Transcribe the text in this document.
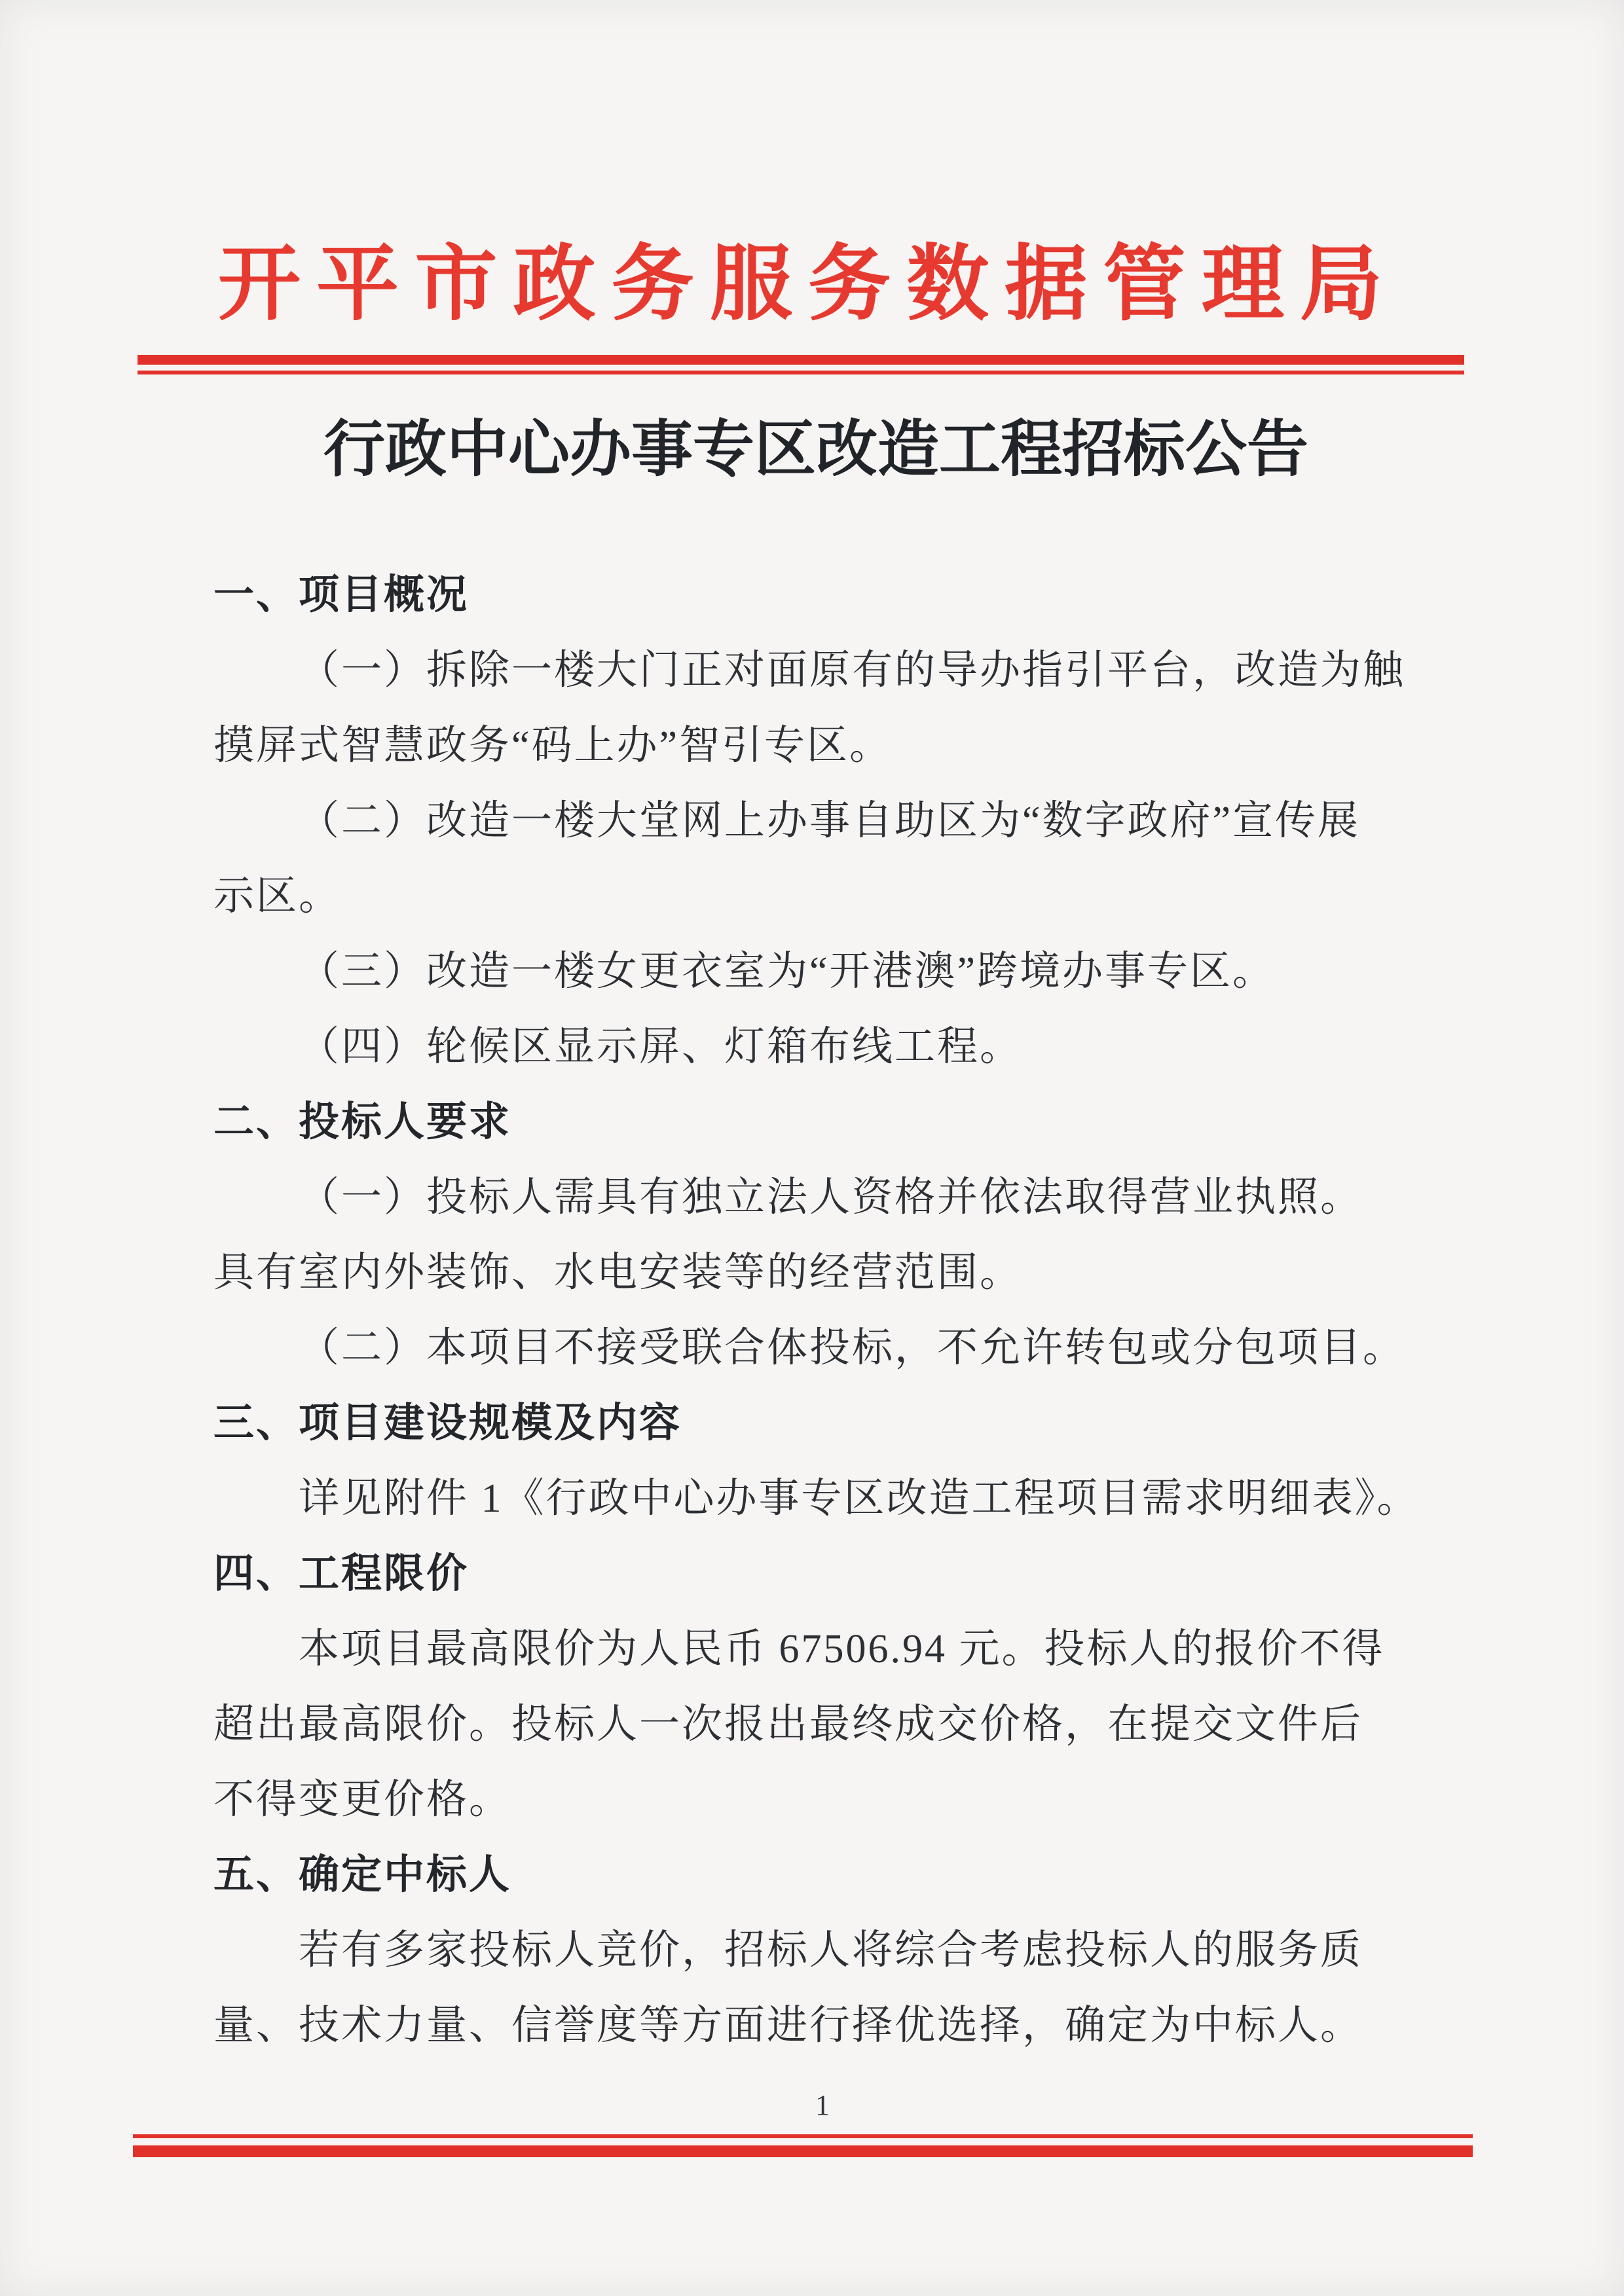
开平市政务服务数据管理局
行政中心办事专区改造工程招标公告
一、项目概况
（一）拆除一楼大门正对面原有的导办指引平台，改造为触
摸屏式智慧政务“码上办”智引专区。
（二）改造一楼大堂网上办事自助区为“数字政府”宣传展
示区。
（三）改造一楼女更衣室为“开港澳”跨境办事专区。
（四）轮候区显示屏、灯箱布线工程。
二、投标人要求
（一）投标人需具有独立法人资格并依法取得营业执照。
具有室内外装饰、水电安装等的经营范围。
（二）本项目不接受联合体投标，不允许转包或分包项目。
三、项目建设规模及内容
详见附件 1《行政中心办事专区改造工程项目需求明细表》。
四、工程限价
本项目最高限价为人民币 67506.94 元。投标人的报价不得
超出最高限价。投标人一次报出最终成交价格，在提交文件后
不得变更价格。
五、确定中标人
若有多家投标人竞价，招标人将综合考虑投标人的服务质
量、技术力量、信誉度等方面进行择优选择，确定为中标人。
1
